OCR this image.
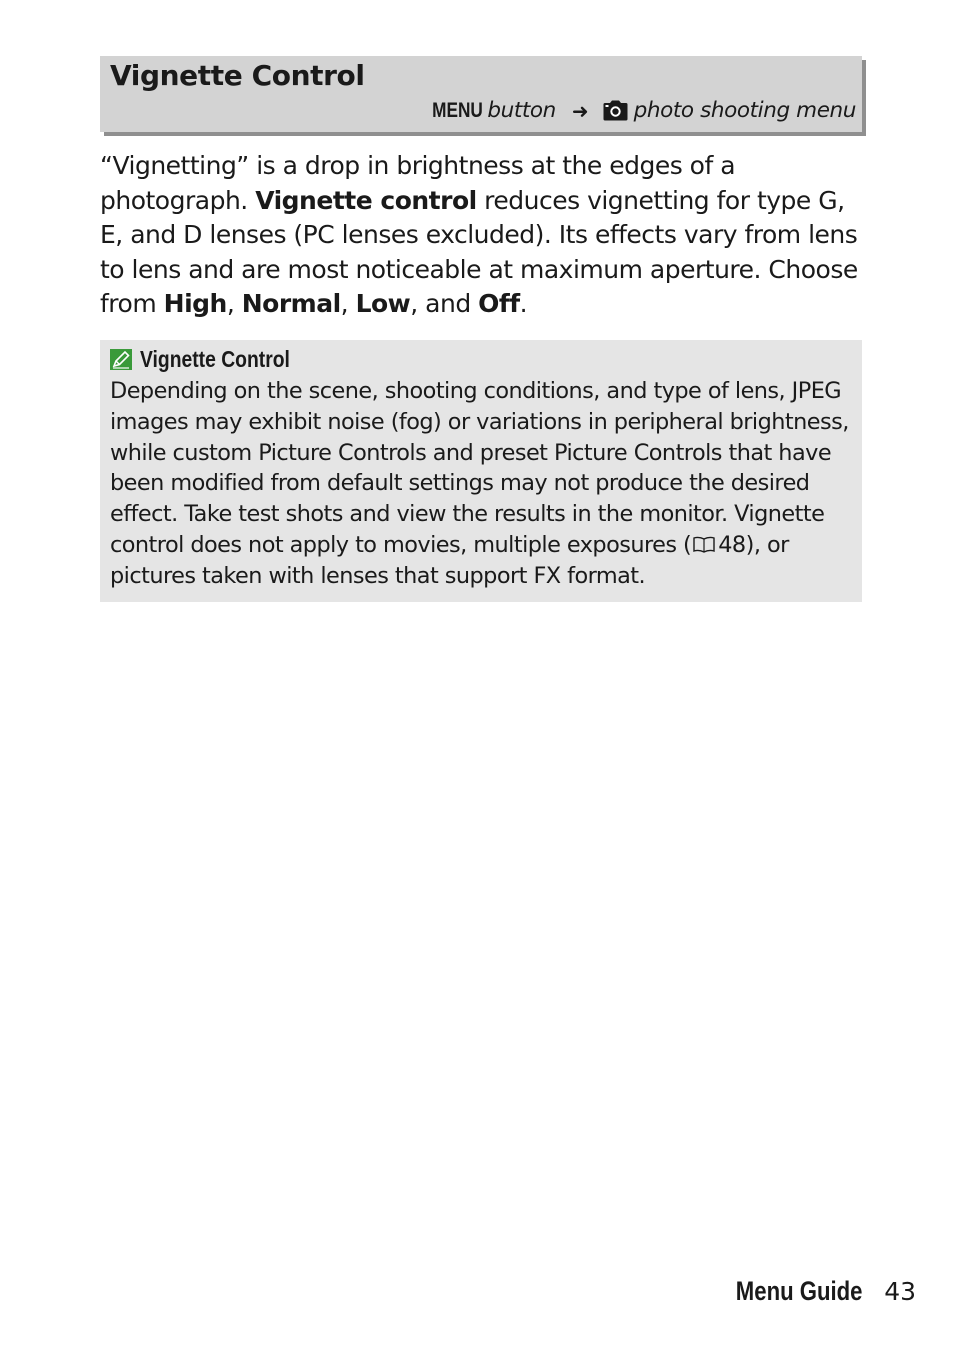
Vignette Control
MENU button ➜ photo shooting menu

“Vignetting” is a drop in brightness at the edges of a photograph. Vignette control reduces vignetting for type G, E, and D lenses (PC lenses excluded). Its effects vary from lens to lens and are most noticeable at maximum aperture. Choose from High, Normal, Low, and Off.

Vignette Control

Depending on the scene, shooting conditions, and type of lens, JPEG images may exhibit noise (fog) or variations in peripheral brightness, while custom Picture Controls and preset Picture Controls that have been modified from default settings may not produce the desired effect. Take test shots and view the results in the monitor. Vignette control does not apply to movies, multiple exposures ( 48), or pictures taken with lenses that support FX format.

Menu Guide 43
